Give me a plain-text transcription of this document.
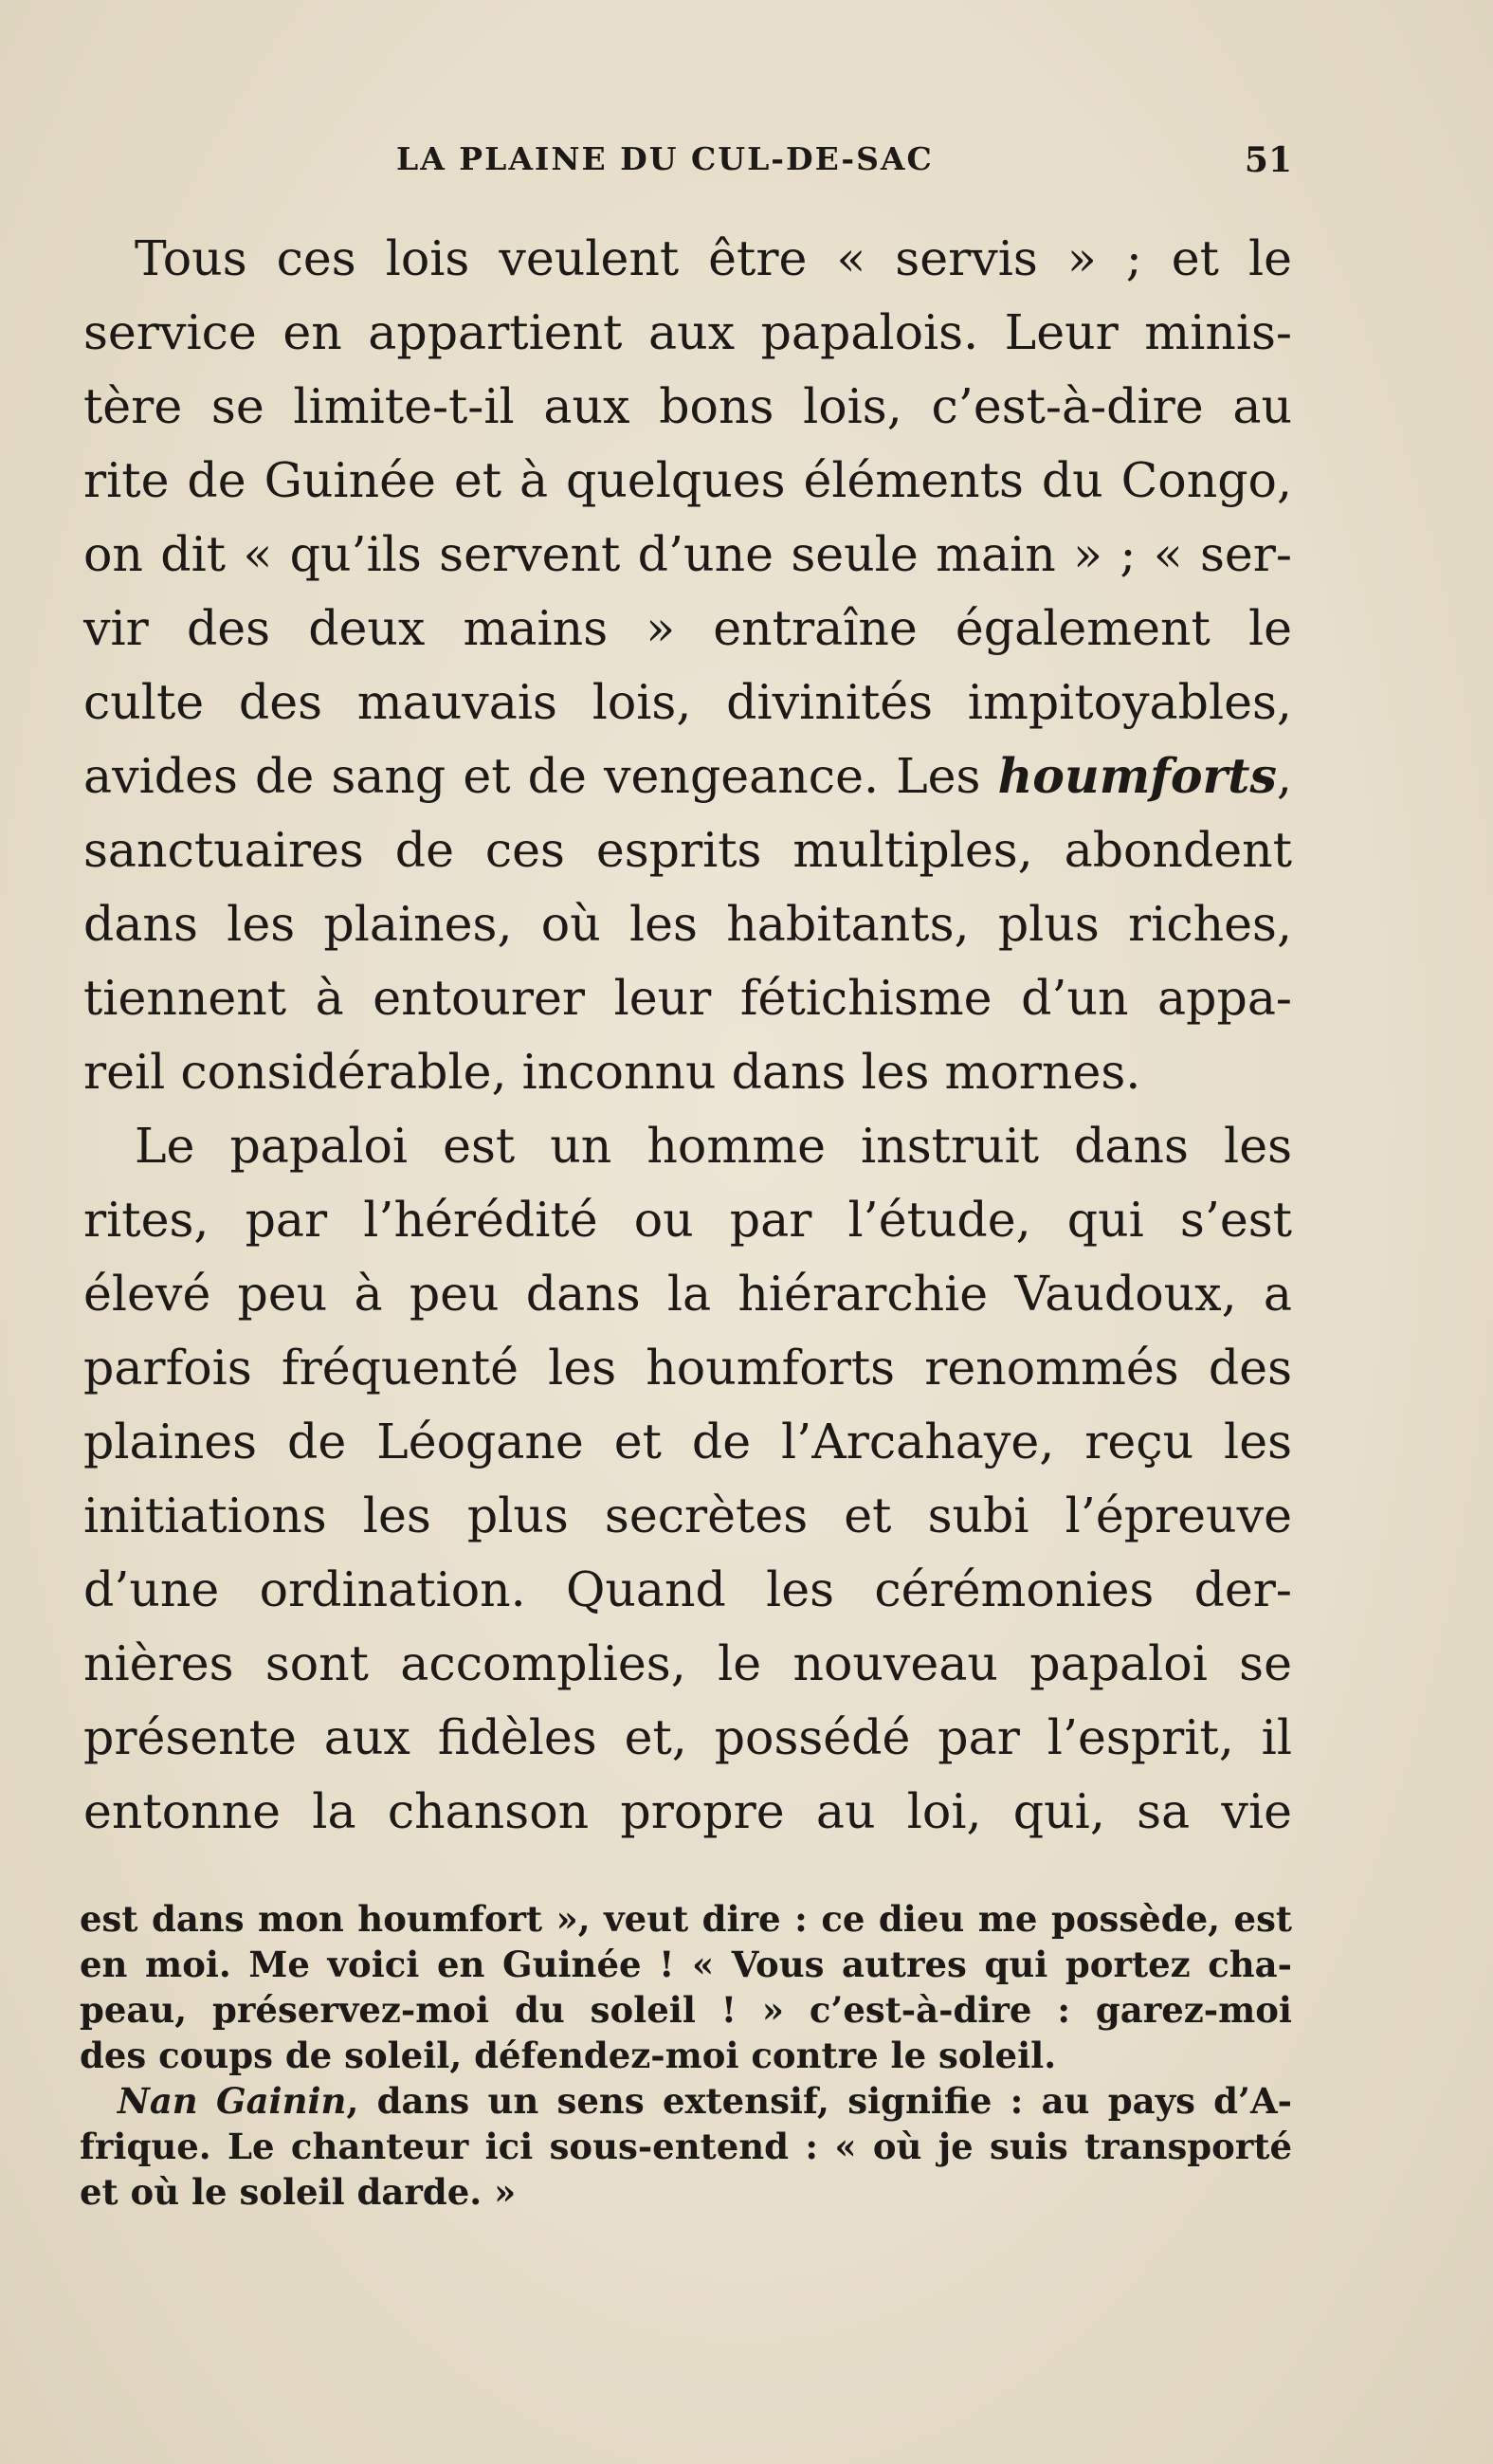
LA PLAINE DU CUL-DE-SAC	51
Tous ces lois veulent être « servis » ; et le
service en appartient aux papalois. Leur minis-
tère se limite-t-il aux bons lois, c’est-à-dire au
rite de Guinée et à quelques éléments du Congo,
on dit « qu’ils servent d’une seule main » ; « ser-
vir des deux mains » entraîne également le
culte des mauvais lois, divinités impitoyables,
avides de sang et de vengeance. Les houmforts,
sanctuaires de ces esprits multiples, abondent
dans les plaines, où les habitants, plus riches,
tiennent à entourer leur fétichisme d’un appa-
reil considérable, inconnu dans les mornes.
Le papaloi est un homme instruit dans les
rites, par l’hérédité ou par l’étude, qui s’est
élevé peu à peu dans la hiérarchie Vaudoux, a
parfois fréquenté les houmforts renommés des
plaines de Léogane et de l’Arcahaye, reçu les
initiations les plus secrètes et subi l’épreuve
d’une ordination. Quand les cérémonies der-
nières sont accomplies, le nouveau papaloi se
présente aux fidèles et, possédé par l’esprit, il
entonne la chanson propre au loi, qui, sa vie
est dans mon houmfort », veut dire : ce dieu me possède, est
en moi. Me voici en Guinée ! « Vous autres qui portez cha-
peau, préservez-moi du soleil ! » c’est-à-dire : garez-moi
des coups de soleil, défendez-moi contre le soleil.
Nan Gainin, dans un sens extensif, signifie : au pays d’A-
frique. Le chanteur ici sous-entend : « où je suis transporté
et où le soleil darde. »
